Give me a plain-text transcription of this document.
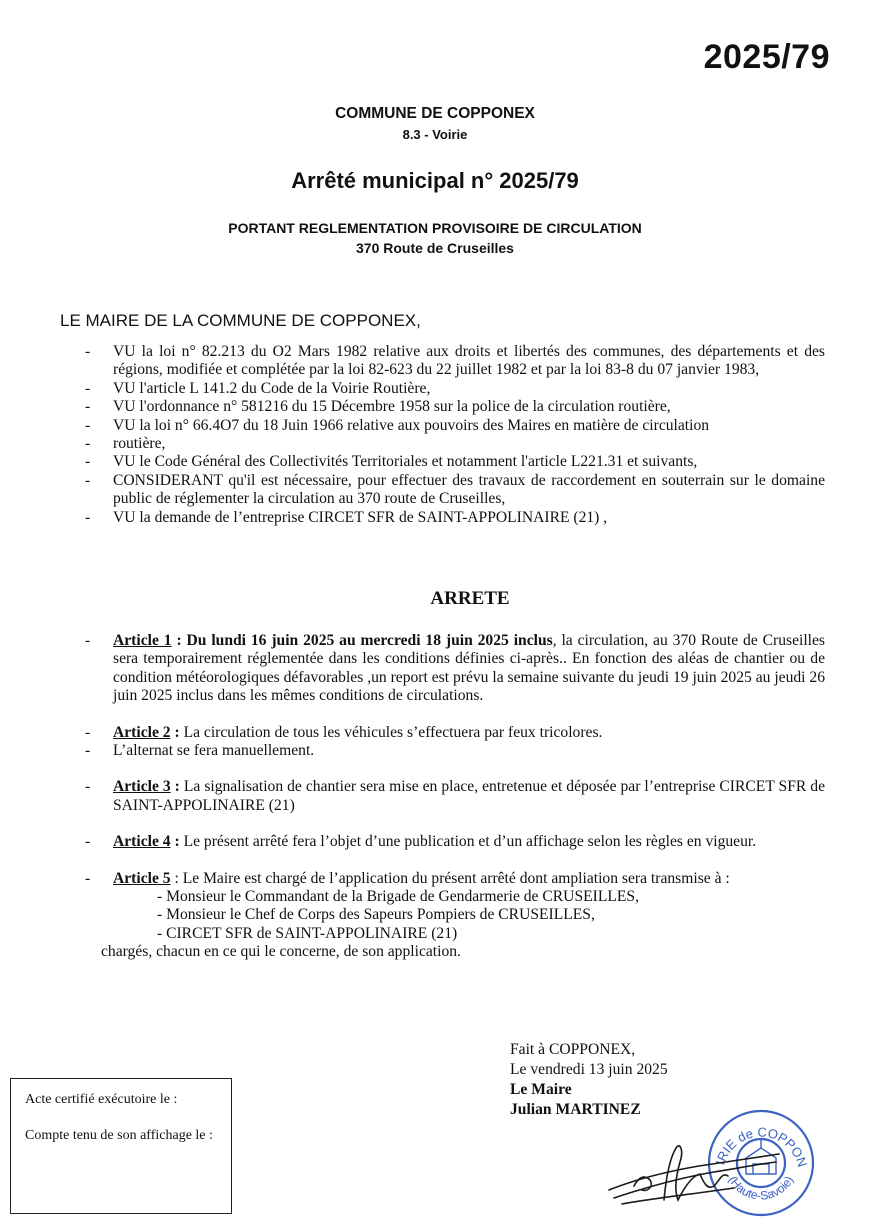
2025/79
COMMUNE DE COPPONEX
8.3 - Voirie
Arrêté municipal n° 2025/79
PORTANT REGLEMENTATION PROVISOIRE DE CIRCULATION
370 Route de Cruseilles
LE MAIRE DE LA COMMUNE DE COPPONEX,
-	VU la loi n° 82.213 du O2 Mars 1982 relative aux droits et libertés des communes, des départements et des régions, modifiée et complétée par la loi 82-623 du 22 juillet 1982 et par la loi 83-8 du 07 janvier 1983,
-	VU l'article L 141.2 du Code de la Voirie Routière,
-	VU l'ordonnance n° 581216 du 15 Décembre 1958 sur la police de la circulation routière,
-	VU la loi n° 66.4O7 du 18 Juin 1966 relative aux pouvoirs des Maires en matière de circulation
-	routière,
-	VU le Code Général des Collectivités Territoriales et notamment l'article L221.31 et suivants,
-	CONSIDERANT qu'il est nécessaire, pour effectuer des travaux de raccordement en souterrain sur le domaine public de réglementer la circulation au 370 route de Cruseilles,
-	VU la demande de l’entreprise CIRCET SFR de SAINT-APPOLINAIRE (21) ,
ARRETE
-	Article 1 : Du lundi 16 juin 2025 au mercredi 18 juin 2025 inclus, la circulation, au 370 Route de Cruseilles sera temporairement réglementée dans les conditions définies ci-après.. En fonction des aléas de chantier ou de condition météorologiques défavorables ,un report est prévu la semaine suivante du jeudi 19 juin 2025 au jeudi 26 juin 2025 inclus dans les mêmes conditions de circulations.
-	Article 2 : La circulation de tous les véhicules s’effectuera par feux tricolores.
-	L’alternat se fera manuellement.
-	Article 3 : La signalisation de chantier sera mise en place, entretenue et déposée par l’entreprise CIRCET SFR de SAINT-APPOLINAIRE (21)
-	Article 4 : Le présent arrêté fera l’objet d’une publication et d’un affichage selon les règles en vigueur.
-	Article 5 : Le Maire est chargé de l’application du présent arrêté dont ampliation sera transmise à :
- Monsieur le Commandant de la Brigade de Gendarmerie de CRUSEILLES,
- Monsieur le Chef de Corps des Sapeurs Pompiers de CRUSEILLES,
- CIRCET SFR de SAINT-APPOLINAIRE (21)
chargés, chacun en ce qui le concerne, de son application.
Fait à COPPONEX,
Le vendredi 13 juin 2025
Le Maire
Julian MARTINEZ
Acte certifié exécutoire le :
Compte tenu de son affichage le :
IRIE de COPPON
(Haute-Savoie)
